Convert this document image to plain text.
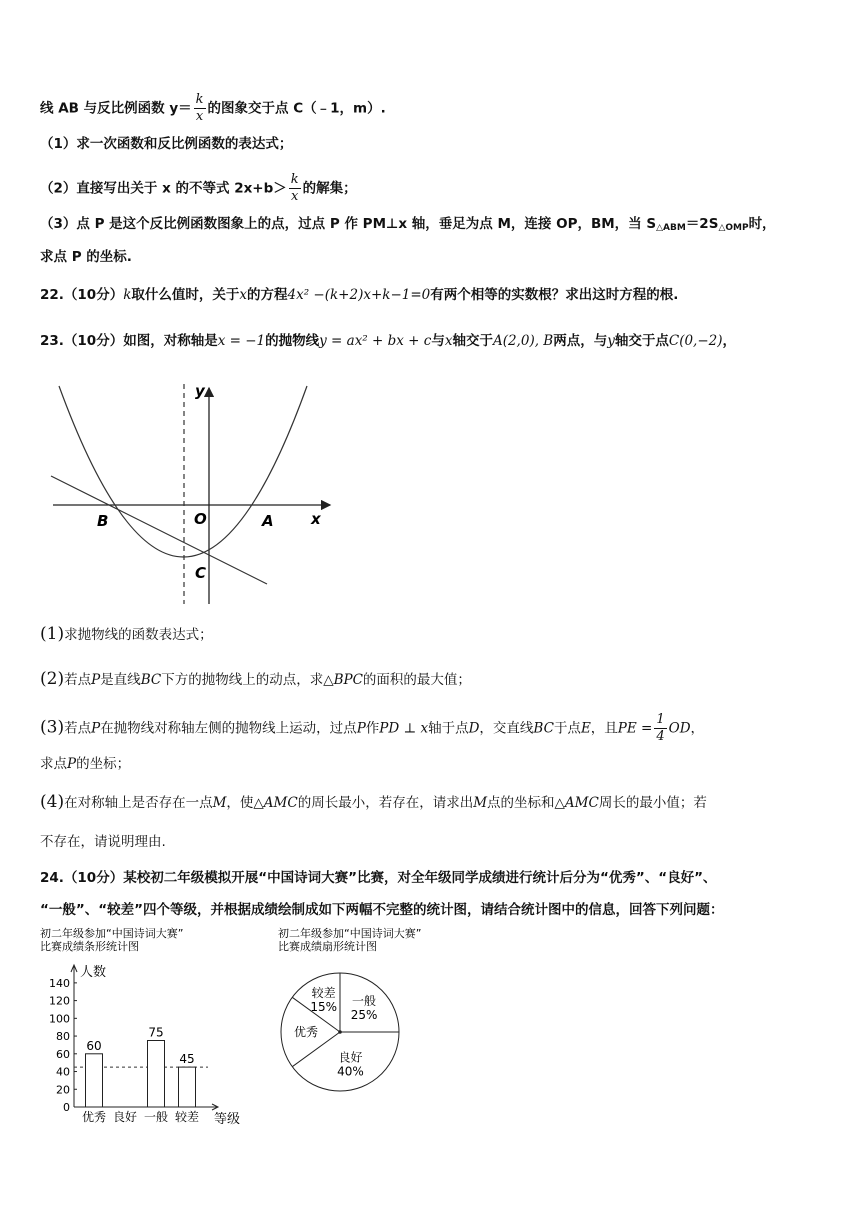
线 AB 与反比例函数 $y= \frac{k}{x}$ 的图象交于点 C（﹣1，m）.
（1）求一次函数和反比例函数的表达式；
（2）直接写出关于 x 的不等式 $2x+b> \frac{k}{x}$ 的解集；
（3）点 P 是这个反比例函数图象上的点，过点 P 作 PM⊥x 轴，垂足为点 M，连接 OP，BM，当 $S_{\triangle ABM}=2S_{\triangle OMP}$时，
求点 P 的坐标.
22.（10分）k取什么值时，关于x的方程4x² −(k+2)x+k−1=0有两个相等的实数根？求出这时方程的根.
23.（10分）如图，对称轴是x = −1的抛物线y = ax² + bx + c与x轴交于A(2,0), B两点，与y轴交于点C(0,−2)，
y
x
O	A
B
C
(1)求抛物线的函数表达式；
(2)若点P是直线BC下方的抛物线上的动点，求△BPC的面积的最大值；
(3)若点P在抛物线对称轴左侧的抛物线上运动，过点P作PD ⊥ x轴于点D，交直线BC于点E，且PE = $\frac{1}{4}$ OD，
求点P的坐标；
(4)在对称轴上是否存在一点M，使△AMC的周长最小，若存在，请求出M点的坐标和△AMC周长的最小值；若
不存在，请说明理由.
24.（10分）某校初二年级模拟开展“中国诗词大赛”比赛，对全年级同学成绩进行统计后分为“优秀”、“良好”、
“一般”、“较差”四个等级，并根据成绩绘制成如下两幅不完整的统计图，请结合统计图中的信息，回答下列问题：
初二年级参加“中国诗词大赛”
比赛成绩条形统计图
人数
等级
0
20
40
60
80
100
120
140
优秀
60
良好 一般
75
较差
45
初二年级参加“中国诗词大赛”
比赛成绩扇形统计图
较差
15% 一般
25%
良好
40%
优秀
